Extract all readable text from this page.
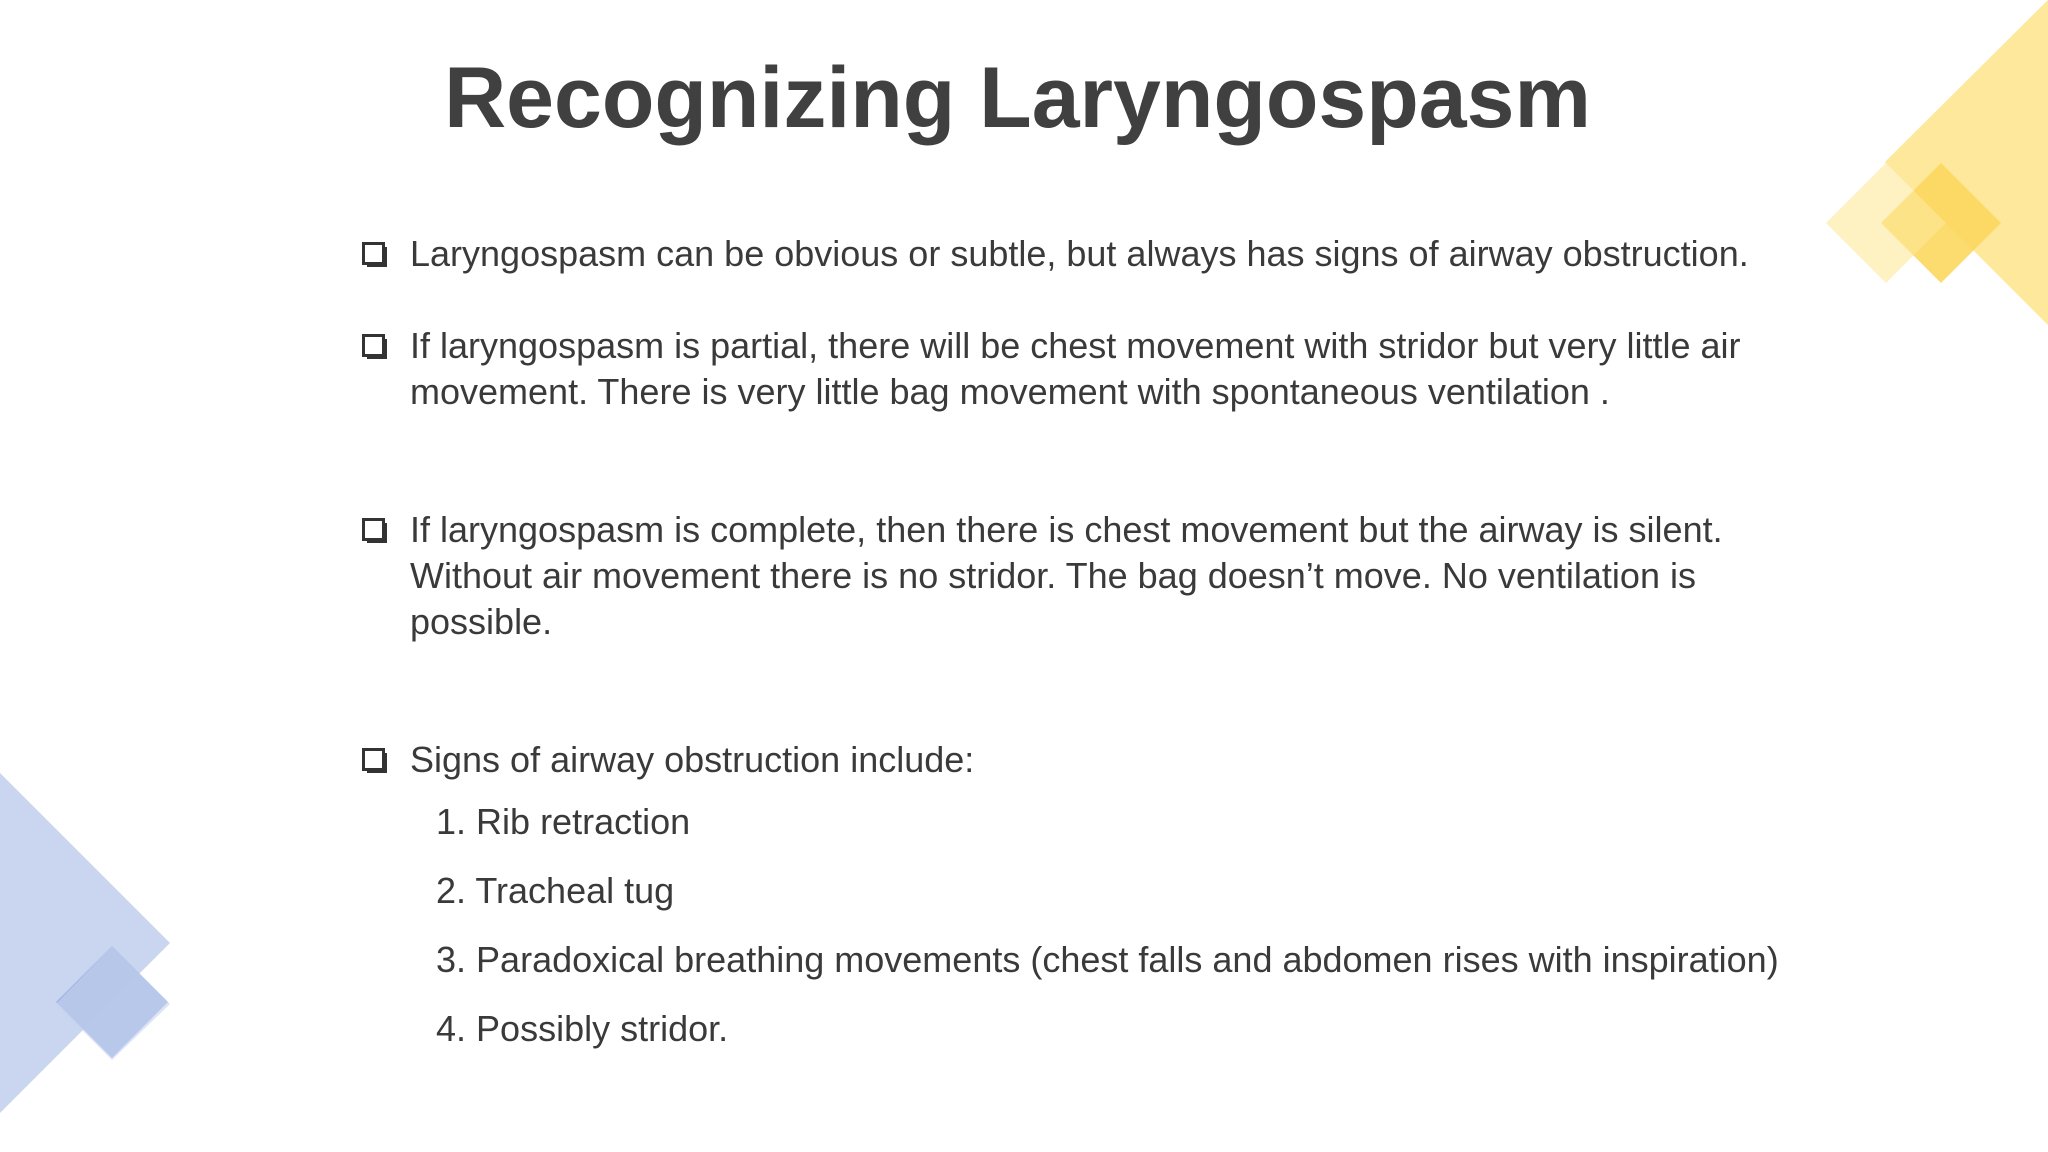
Recognizing Laryngospasm
Laryngospasm can be obvious or subtle, but always has signs of airway obstruction.
If laryngospasm is partial, there will be chest movement with stridor but very little air
movement. There is very little bag movement with spontaneous ventilation .
If laryngospasm is complete, then there is chest movement but the airway is silent.
Without air movement there is no stridor. The bag doesn’t move. No ventilation is
possible.
Signs of airway obstruction include:
1. Rib retraction
2. Tracheal tug
3. Paradoxical breathing movements (chest falls and abdomen rises with inspiration)
4. Possibly stridor.
